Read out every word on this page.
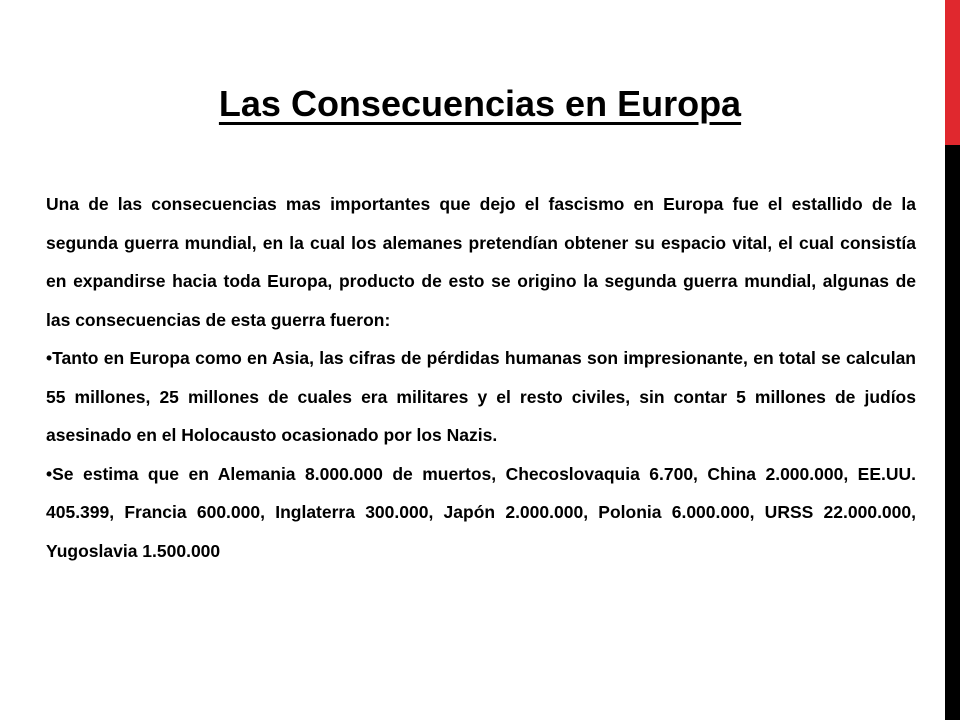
Las Consecuencias en Europa

Una de las consecuencias mas importantes que dejo el fascismo en Europa fue el estallido de la segunda guerra mundial, en la cual los alemanes pretendían obtener su espacio vital, el cual consistía en expandirse hacia toda Europa, producto de esto se origino la segunda guerra mundial, algunas de las consecuencias de esta guerra fueron:

•Tanto en Europa como en Asia, las cifras de pérdidas humanas son impresionante, en total se calculan 55 millones, 25 millones de cuales era militares y el resto civiles, sin contar 5 millones de judíos asesinado en el Holocausto ocasionado por los Nazis.

•Se estima que en Alemania 8.000.000 de muertos, Checoslovaquia 6.700, China 2.000.000, EE.UU. 405.399, Francia 600.000, Inglaterra 300.000, Japón 2.000.000, Polonia 6.000.000, URSS 22.000.000, Yugoslavia 1.500.000
